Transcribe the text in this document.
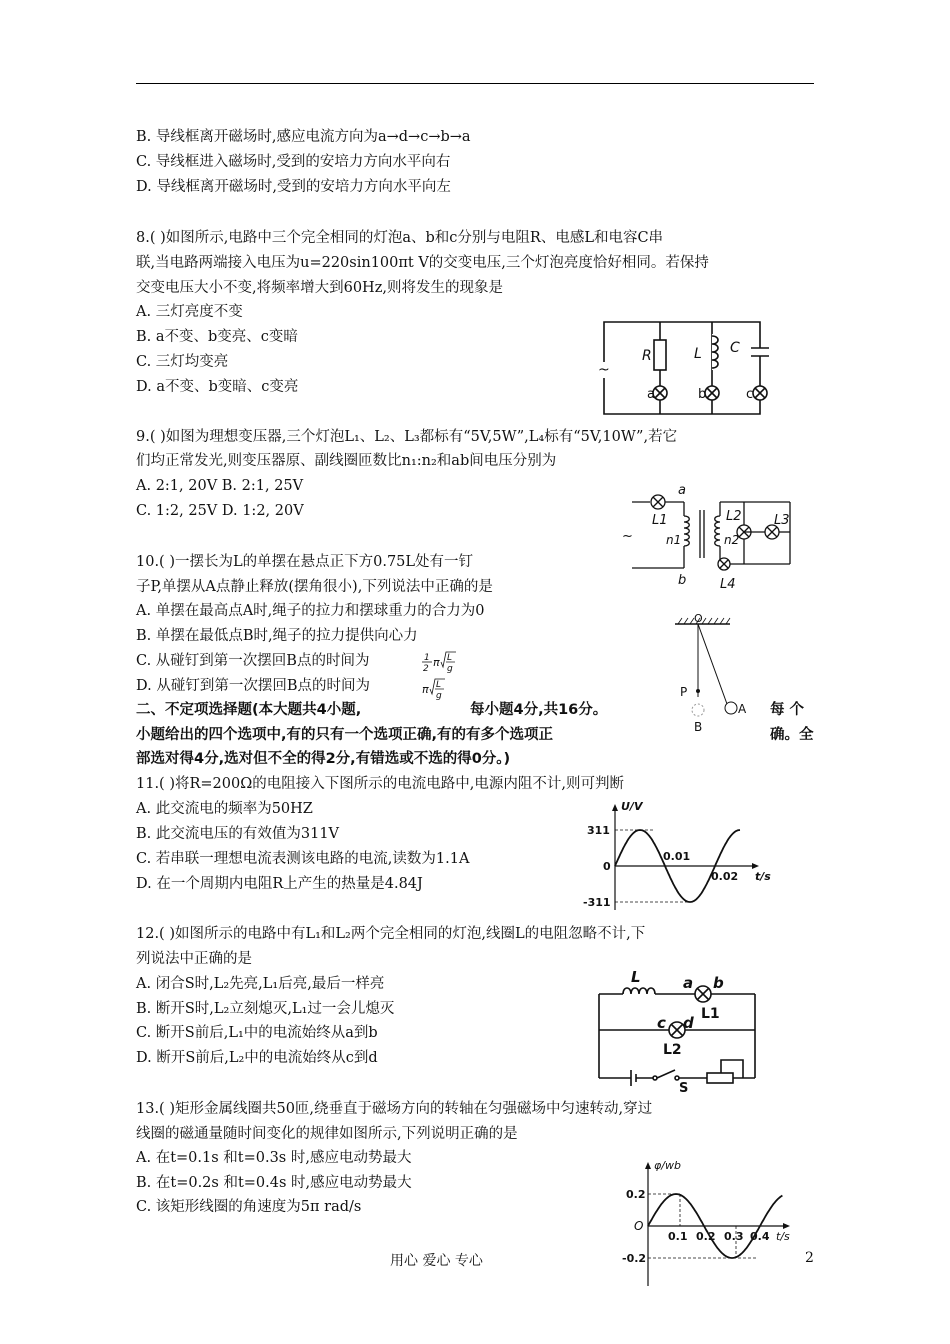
B. 导线框离开磁场时,感应电流方向为a→d→c→b→a
C. 导线框进入磁场时,受到的安培力方向水平向右
D. 导线框离开磁场时,受到的安培力方向水平向左
8.( )如图所示,电路中三个完全相同的灯泡a、b和c分别与电阻R、电感L和电容C串
联,当电路两端接入电压为u=220sin100πt V的交变电压,三个灯泡亮度恰好相同。若保持
交变电压大小不变,将频率增大到60Hz,则将发生的现象是
A. 三灯亮度不变
B. a不变、b变亮、c变暗
C. 三灯均变亮
D. a不变、b变暗、c变亮
~
R	L C
a	b	c
9.( )如图为理想变压器,三个灯泡L₁、L₂、L₃都标有“5V,5W”,L₄标有“5V,10W”,若它
们均正常发光,则变压器原、副线圈匝数比n₁:n₂和ab间电压分别为
A. 2:1, 20V B. 2:1, 25V
C. 1:2, 25V D. 1:2, 20V
~
a
b
L1
n1	n2
L2 L3
L4
10.( )一摆长为L的单摆在悬点正下方0.75L处有一钉
子P,单摆从A点静止释放(摆角很小),下列说法中正确的是
A. 单摆在最高点A时,绳子的拉力和摆球重力的合力为0
B. 单摆在最低点B时,绳子的拉力提供向心力
C. 从碰钉到第一次摆回B点的时间为
D. 从碰钉到第一次摆回B点的时间为
1
2 π L
g
π L
g
O
P
A
B
二、不定项选择题(本大题共4小题,	每小题4分,共16分。	每 个
小题给出的四个选项中,有的只有一个选项正确,有的有多个选项正	确。全
部选对得4分,选对但不全的得2分,有错选或不选的得0分。)
11.( )将R=200Ω的电阻接入下图所示的电流电路中,电源内阻不计,则可判断
A. 此交流电的频率为50HZ
B. 此交流电压的有效值为311V
C. 若串联一理想电流表测该电路的电流,读数为1.1A
D. 在一个周期内电阻R上产生的热量是4.84J
U/V
311
0
-311
0.01
0.02 t/s
12.( )如图所示的电路中有L₁和L₂两个完全相同的灯泡,线圈L的电阻忽略不计,下
列说法中正确的是
A. 闭合S时,L₂先亮,L₁后亮,最后一样亮
B. 断开S时,L₂立刻熄灭,L₁过一会儿熄灭
C. 断开S前后,L₁中的电流始终从a到b
D. 断开S前后,L₂中的电流始终从c到d
L	a b
L1
c d
L2
S
13.( )矩形金属线圈共50匝,绕垂直于磁场方向的转轴在匀强磁场中匀速转动,穿过
线圈的磁通量随时间变化的规律如图所示,下列说明正确的是
A. 在t=0.1s 和t=0.3s 时,感应电动势最大
B. 在t=0.2s 和t=0.4s 时,感应电动势最大
C. 该矩形线圈的角速度为5π rad/s
φ/wb
0.2
O
-0.2
0.1 0.2 0.3 0.4 t/s
用心 爱心 专心	2
